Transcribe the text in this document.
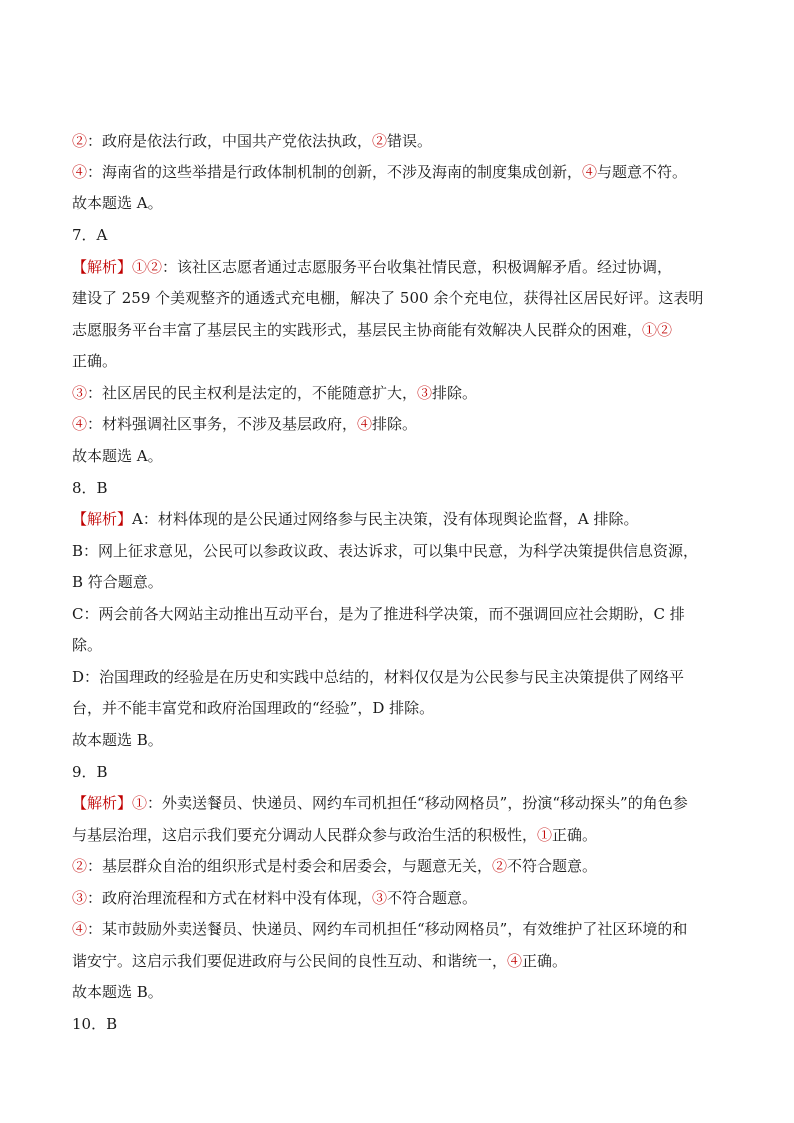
②：政府是依法行政，中国共产党依法执政，②错误。
④：海南省的这些举措是行政体制机制的创新，不涉及海南的制度集成创新，④与题意不符。
故本题选 A。
7．A
【解析】①②：该社区志愿者通过志愿服务平台收集社情民意，积极调解矛盾。经过协调，
建设了 259 个美观整齐的通透式充电棚，解决了 500 余个充电位，获得社区居民好评。这表明
志愿服务平台丰富了基层民主的实践形式，基层民主协商能有效解决人民群众的困难，①②
正确。
③：社区居民的民主权利是法定的，不能随意扩大，③排除。
④：材料强调社区事务，不涉及基层政府，④排除。
故本题选 A。
8．B
【解析】A：材料体现的是公民通过网络参与民主决策，没有体现舆论监督，A 排除。
B：网上征求意见，公民可以参政议政、表达诉求，可以集中民意，为科学决策提供信息资源，
B 符合题意。
C：两会前各大网站主动推出互动平台，是为了推进科学决策，而不强调回应社会期盼，C 排
除。
D：治国理政的经验是在历史和实践中总结的，材料仅仅是为公民参与民主决策提供了网络平
台，并不能丰富党和政府治国理政的“经验”，D 排除。
故本题选 B。
9．B
【解析】①：外卖送餐员、快递员、网约车司机担任“移动网格员”，扮演“移动探头”的角色参
与基层治理，这启示我们要充分调动人民群众参与政治生活的积极性，①正确。
②：基层群众自治的组织形式是村委会和居委会，与题意无关，②不符合题意。
③：政府治理流程和方式在材料中没有体现，③不符合题意。
④：某市鼓励外卖送餐员、快递员、网约车司机担任“移动网格员”，有效维护了社区环境的和
谐安宁。这启示我们要促进政府与公民间的良性互动、和谐统一，④正确。
故本题选 B。
10．B
